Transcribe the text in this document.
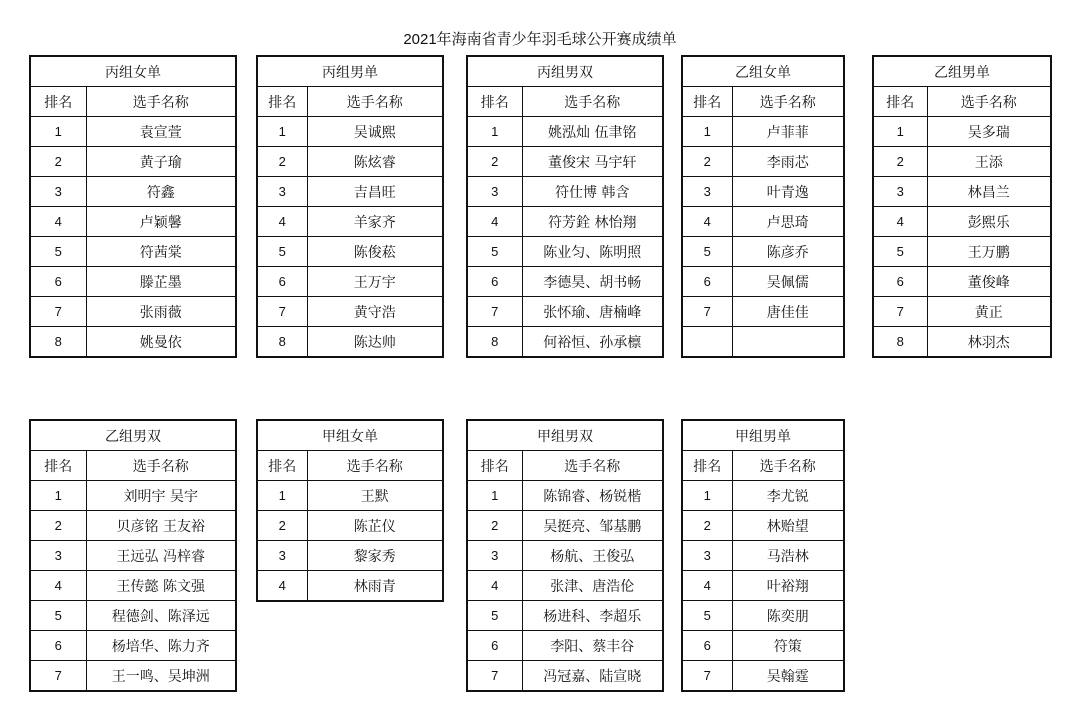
2021年海南省青少年羽毛球公开赛成绩单
丙组女单	
排名	选手名称
1	袁宣萱
2	黄子瑜
3	符鑫
4	卢颖馨
5	符茜棠
6	滕芷墨
7	张雨薇
8	姚曼依
丙组男单	
排名	选手名称
1	吴诚熙
2	陈炫睿
3	吉昌旺
4	羊家齐
5	陈俊菘
6	王万宇
7	黄守浩
8	陈达帅
丙组男双	
排名	选手名称
1	姚泓灿 伍聿铭
2	董俊宋 马宇轩
3	符仕博 韩含
4	符芳銓 林怡翔
5	陈业匀、陈明照
6	李德昊、胡书畅
7	张怀瑜、唐楠峰
8	何裕恒、孙承檩
乙组女单	
排名	选手名称
1	卢菲菲
2	李雨芯
3	叶青逸
4	卢思琦
5	陈彦乔
6	吴佩儒
7	唐佳佳

乙组男单	
排名	选手名称
1	吴多瑞
2	王添
3	林昌兰
4	彭熙乐
5	王万鹏
6	董俊峰
7	黄正
8	林羽杰
乙组男双	
排名	选手名称
1	刘明宇 吴宇
2	贝彦铭 王友裕
3	王远弘 冯梓睿
4	王传懿 陈文强
5	程德剑、陈泽远
6	杨培华、陈力齐
7	王一鸣、吴坤洲
甲组女单	
排名	选手名称
1	王默
2	陈芷仪
3	黎家秀
4	林雨青
甲组男双	
排名	选手名称
1	陈锦睿、杨锐楷
2	吴挺亮、邹基鹏
3	杨航、王俊弘
4	张津、唐浩伦
5	杨进科、李超乐
6	李阳、蔡丰谷
7	冯冠嘉、陆宣晓
甲组男单	
排名	选手名称
1	李尤锐
2	林贻望
3	马浩林
4	叶裕翔
5	陈奕朋
6	符策
7	吴翰霆
